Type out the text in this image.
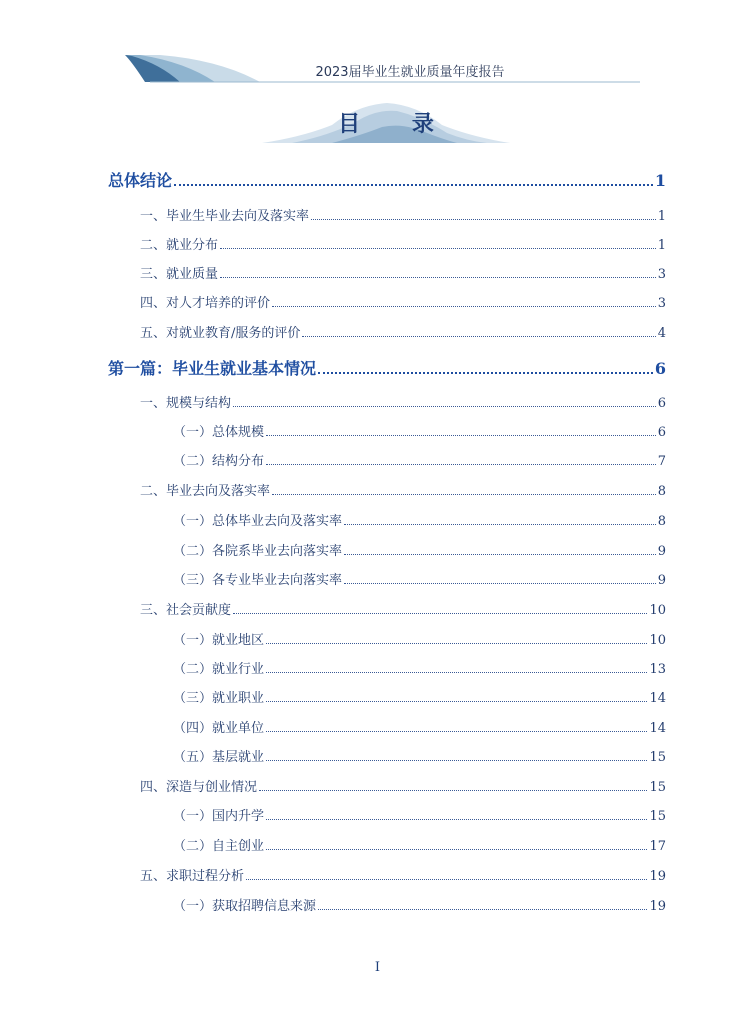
2023届毕业生就业质量年度报告
目 录
总体结论	1
一、毕业生毕业去向及落实率	1
二、就业分布	1
三、就业质量	3
四、对人才培养的评价	3
五、对就业教育/服务的评价	4
第一篇：毕业生就业基本情况	6
一、规模与结构	6
（一）总体规模	6
（二）结构分布	7
二、毕业去向及落实率	8
（一）总体毕业去向及落实率	8
（二）各院系毕业去向落实率	9
（三）各专业毕业去向落实率	9
三、社会贡献度	10
（一）就业地区	10
（二）就业行业	13
（三）就业职业	14
（四）就业单位	14
（五）基层就业	15
四、深造与创业情况	15
（一）国内升学	15
（二）自主创业	17
五、求职过程分析	19
（一）获取招聘信息来源	19
I
